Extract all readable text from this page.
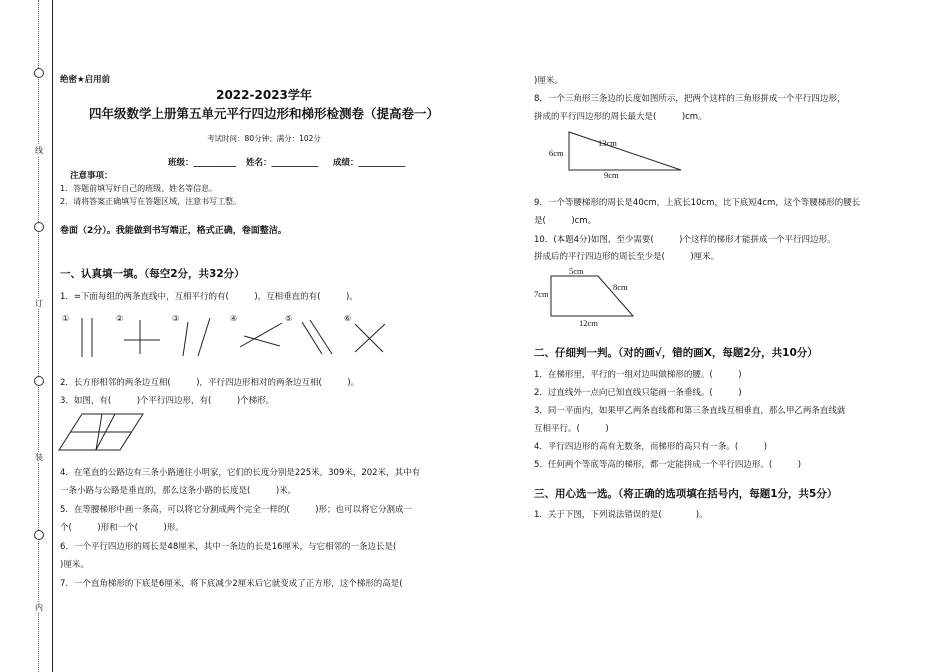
线
订
装
内
绝密★启用前
2022-2023学年
四年级数学上册第五单元平行四边形和梯形检测卷（提高卷一）
考试时间：80分钟；满分：102分
班级：__________ 姓名：___________ 成绩：___________
注意事项：
1．答题前填写好自己的班级、姓名等信息。
2．请将答案正确填写在答题区域，注意书写工整。
卷面（2分）。我能做到书写端正，格式正确，卷面整洁。
一、认真填一填。（每空2分，共32分）
1．=下面每组的两条直线中，互相平行的有(　　　)，互相垂直的有(　　　)。
①	②	③	④	⑤	⑥
2．长方形相邻的两条边互相(　　　)，平行四边形相对的两条边互相(　　　)。
3．如图，有(　　　)个平行四边形，有(　　　)个梯形。
4．在笔直的公路边有三条小路通往小明家，它们的长度分别是225米，309米，202米，其中有
一条小路与公路是垂直的，那么这条小路的长度是(　　　)米。
5．在等腰梯形中画一条高，可以将它分割成两个完全一样的(　　　)形；也可以将它分割成一
个(　　　)形和一个(　　　)形。
6．一个平行四边形的周长是48厘米，其中一条边的长是16厘米，与它相邻的一条边长是(
)厘米。
7．一个直角梯形的下底是6厘米，将下底减少2厘米后它就变成了正方形，这个梯形的高是(
)厘米。
8．一个三角形三条边的长度如图所示，把两个这样的三角形拼成一个平行四边形，
拼成的平行四边形的周长最大是(　　　)cm。
13cm
6cm
9cm
9．一个等腰梯形的周长是40cm，上底长10cm，比下底短4cm，这个等腰梯形的腰长
是(　　　)cm。
10．(本题4分)如图，至少需要(　　　)个这样的梯形才能拼成一个平行四边形。
拼成后的平行四边形的周长至少是(　　　)厘米。
5cm
7cm
8cm
12cm
二、仔细判一判。（对的画√，错的画X，每题2分，共10分）
1．在梯形里，平行的一组对边叫做梯形的腰。(　　　)
2．过直线外一点向已知直线只能画一条垂线。(　　　)
3．同一平面内，如果甲乙两条直线都和第三条直线互相垂直，那么甲乙两条直线就
互相平行。(　　　)
4．平行四边形的高有无数条，而梯形的高只有一条。(　　　)
5．任何两个等底等高的梯形，都一定能拼成一个平行四边形。(　　　)
三、用心选一选。（将正确的选项填在括号内，每题1分，共5分）
1．关于下图，下列说法错误的是(　　　　)。
